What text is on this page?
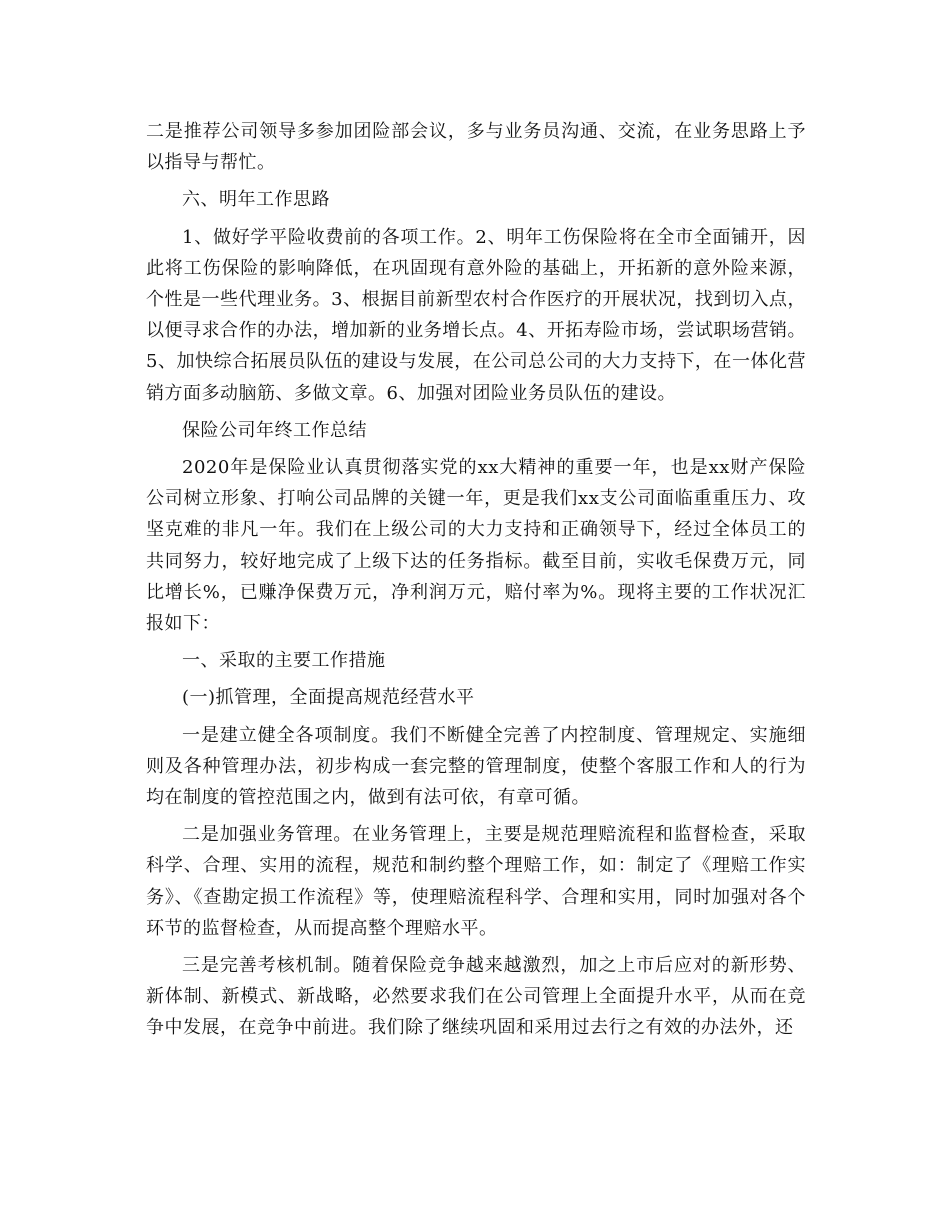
二是推荐公司领导多参加团险部会议，多与业务员沟通、交流，在业务思路上予以指导与帮忙。

六、明年工作思路

1、做好学平险收费前的各项工作。2、明年工伤保险将在全市全面铺开，因此将工伤保险的影响降低，在巩固现有意外险的基础上，开拓新的意外险来源，个性是一些代理业务。3、根据目前新型农村合作医疗的开展状况，找到切入点，以便寻求合作的办法，增加新的业务增长点。4、开拓寿险市场，尝试职场营销。5、加快综合拓展员队伍的建设与发展，在公司总公司的大力支持下，在一体化营销方面多动脑筋、多做文章。6、加强对团险业务员队伍的建设。

保险公司年终工作总结

2020年是保险业认真贯彻落实党的xx大精神的重要一年，也是xx财产保险公司树立形象、打响公司品牌的关键一年，更是我们xx支公司面临重重压力、攻坚克难的非凡一年。我们在上级公司的大力支持和正确领导下，经过全体员工的共同努力，较好地完成了上级下达的任务指标。截至目前，实收毛保费万元，同比增长%，已赚净保费万元，净利润万元，赔付率为%。现将主要的工作状况汇报如下：

一、采取的主要工作措施

(一)抓管理，全面提高规范经营水平

一是建立健全各项制度。我们不断健全完善了内控制度、管理规定、实施细则及各种管理办法，初步构成一套完整的管理制度，使整个客服工作和人的行为均在制度的管控范围之内，做到有法可依，有章可循。

二是加强业务管理。在业务管理上，主要是规范理赔流程和监督检查，采取科学、合理、实用的流程，规范和制约整个理赔工作，如：制定了《理赔工作实务》、《查勘定损工作流程》等，使理赔流程科学、合理和实用，同时加强对各个环节的监督检查，从而提高整个理赔水平。

三是完善考核机制。随着保险竞争越来越激烈，加之上市后应对的新形势、新体制、新模式、新战略，必然要求我们在公司管理上全面提升水平，从而在竞争中发展，在竞争中前进。我们除了继续巩固和采用过去行之有效的办法外，还
